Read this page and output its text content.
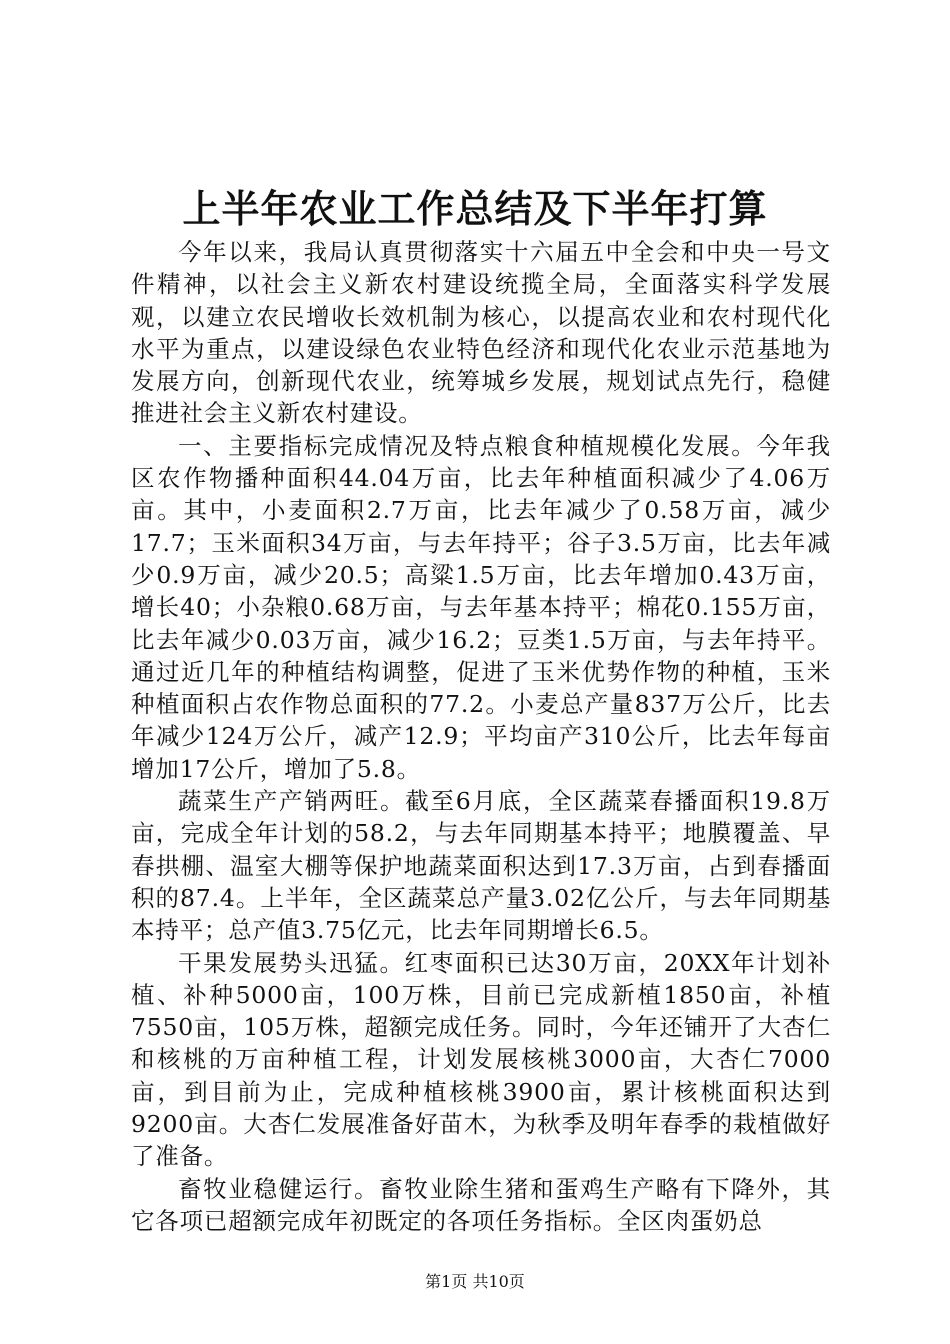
上半年农业工作总结及下半年打算

今年以来，我局认真贯彻落实十六届五中全会和中央一号文件精神，以社会主义新农村建设统揽全局，全面落实科学发展观，以建立农民增收长效机制为核心，以提高农业和农村现代化水平为重点，以建设绿色农业特色经济和现代化农业示范基地为发展方向，创新现代农业，统筹城乡发展，规划试点先行，稳健推进社会主义新农村建设。

一、主要指标完成情况及特点粮食种植规模化发展。今年我区农作物播种面积44.04万亩，比去年种植面积减少了4.06万亩。其中，小麦面积2.7万亩，比去年减少了0.58万亩，减少17.7；玉米面积34万亩，与去年持平；谷子3.5万亩，比去年减少0.9万亩，减少20.5；高粱1.5万亩，比去年增加0.43万亩，增长40；小杂粮0.68万亩，与去年基本持平；棉花0.155万亩，比去年减少0.03万亩，减少16.2；豆类1.5万亩，与去年持平。通过近几年的种植结构调整，促进了玉米优势作物的种植，玉米种植面积占农作物总面积的77.2。小麦总产量837万公斤，比去年减少124万公斤，减产12.9；平均亩产310公斤，比去年每亩增加17公斤，增加了5.8。

蔬菜生产产销两旺。截至6月底，全区蔬菜春播面积19.8万亩，完成全年计划的58.2，与去年同期基本持平；地膜覆盖、早春拱棚、温室大棚等保护地蔬菜面积达到17.3万亩，占到春播面积的87.4。上半年，全区蔬菜总产量3.02亿公斤，与去年同期基本持平；总产值3.75亿元，比去年同期增长6.5。

干果发展势头迅猛。红枣面积已达30万亩，20XX年计划补植、补种5000亩，100万株，目前已完成新植1850亩，补植7550亩，105万株，超额完成任务。同时，今年还铺开了大杏仁和核桃的万亩种植工程，计划发展核桃3000亩，大杏仁7000亩，到目前为止，完成种植核桃3900亩，累计核桃面积达到9200亩。大杏仁发展准备好苗木，为秋季及明年春季的栽植做好了准备。

畜牧业稳健运行。畜牧业除生猪和蛋鸡生产略有下降外，其它各项已超额完成年初既定的各项任务指标。全区肉蛋奶总

第1页 共10页
